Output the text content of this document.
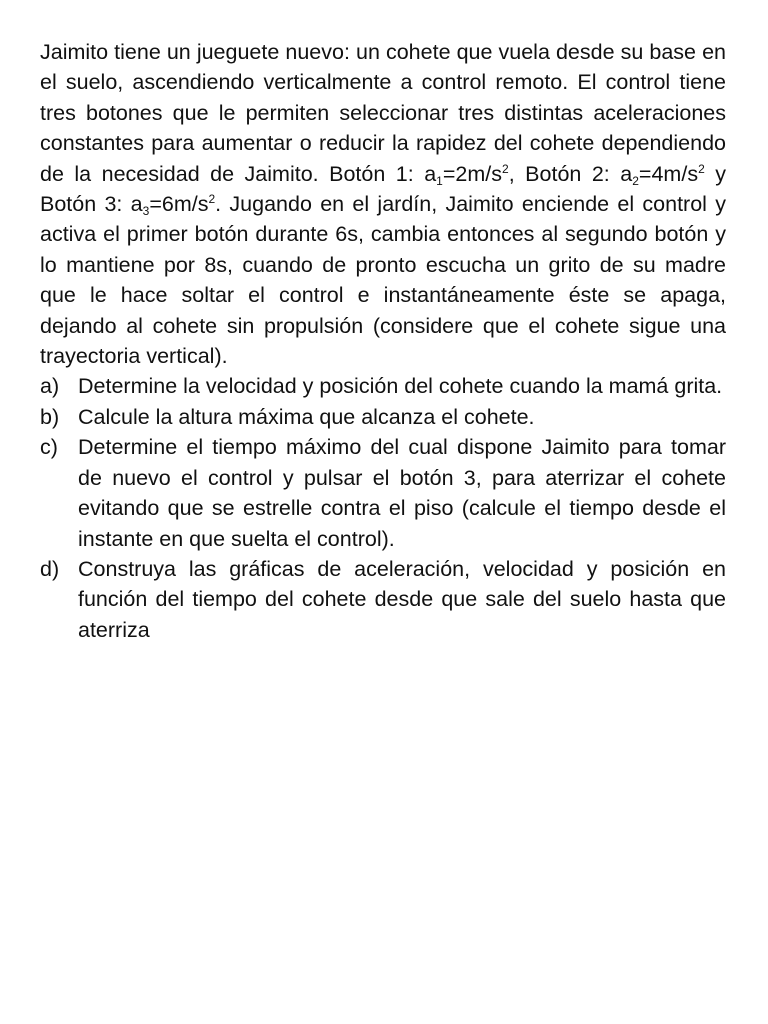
Jaimito tiene un jueguete nuevo: un cohete que vuela desde su base en el suelo, ascendiendo verticalmente a control remoto. El control tiene tres botones que le permiten seleccionar tres distintas aceleraciones constantes para aumentar o reducir la rapidez del cohete dependiendo de la necesidad de Jaimito. Botón 1: $a_1=2m/s^2$, Botón 2: $a_2=4m/s^2$ y Botón 3: $a_3=6m/s^2$. Jugando en el jardín, Jaimito enciende el control y activa el primer botón durante 6s, cambia entonces al segundo botón y lo mantiene por 8s, cuando de pronto escucha un grito de su madre que le hace soltar el control e instantáneamente éste se apaga, dejando al cohete sin propulsión (considere que el cohete sigue una trayectoria vertical).

a) Determine la velocidad y posición del cohete cuando la mamá grita.
b) Calcule la altura máxima que alcanza el cohete.
c) Determine el tiempo máximo del cual dispone Jaimito para tomar de nuevo el control y pulsar el botón 3, para aterrizar el cohete evitando que se estrelle contra el piso (calcule el tiempo desde el instante en que suelta el control).
d) Construya las gráficas de aceleración, velocidad y posición en función del tiempo del cohete desde que sale del suelo hasta que aterriza
